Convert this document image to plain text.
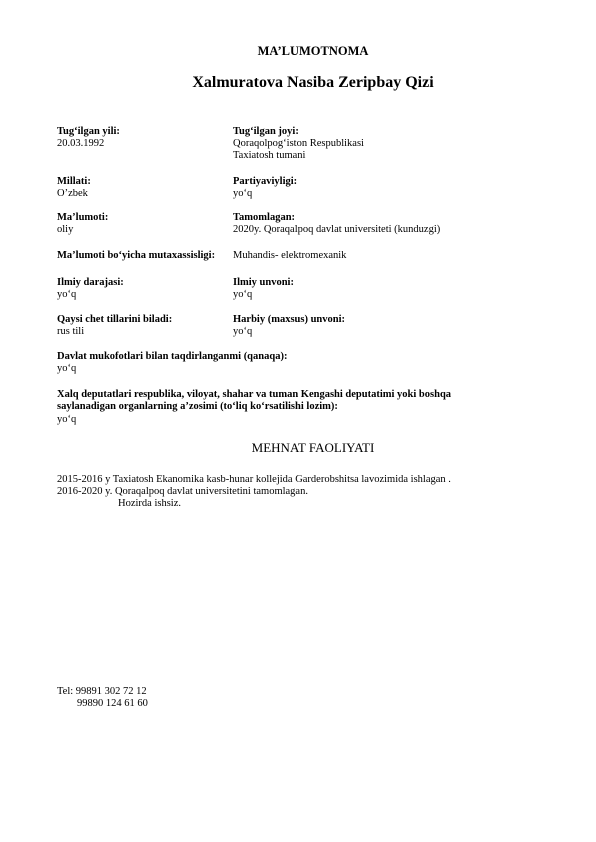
MA’LUMOTNOMA
Xalmuratova Nasiba Zeripbay Qizi
Tug‘ilgan yili:
20.03.1992
Tug‘ilgan joyi:
Qoraqolpog‘iston Respublikasi
Taxiatosh tumani
Millati:
O’zbek
Partiyaviyligi:
yo‘q
Ma’lumoti:
oliy
Tamomlagan:
2020y. Qoraqalpoq davlat universiteti (kunduzgi)
Ma’lumoti bo‘yicha mutaxassisligi: Muhandis- elektromexanik
Ilmiy darajasi:
yo‘q
Ilmiy unvoni:
yo‘q
Qaysi chet tillarini biladi:
rus tili
Harbiy (maxsus) unvoni:
yo‘q
Davlat mukofotlari bilan taqdirlanganmi (qanaqa):
yo‘q
Xalq deputatlari respublika, viloyat, shahar va tuman Kengashi deputatimi yoki boshqa saylanadigan organlarning a’zosimi (to‘liq ko‘rsatilishi lozim):
yo‘q
MEHNAT FAOLIYATI
2015-2016 y Taxiatosh Ekanomika kasb-hunar kollejida Garderobshitsa lavozimida ishlagan .
2016-2020 y. Qoraqalpoq davlat universitetini tamomlagan.
Hozirda ishsiz.
Tel: 99891 302 72 12
99890 124 61 60
